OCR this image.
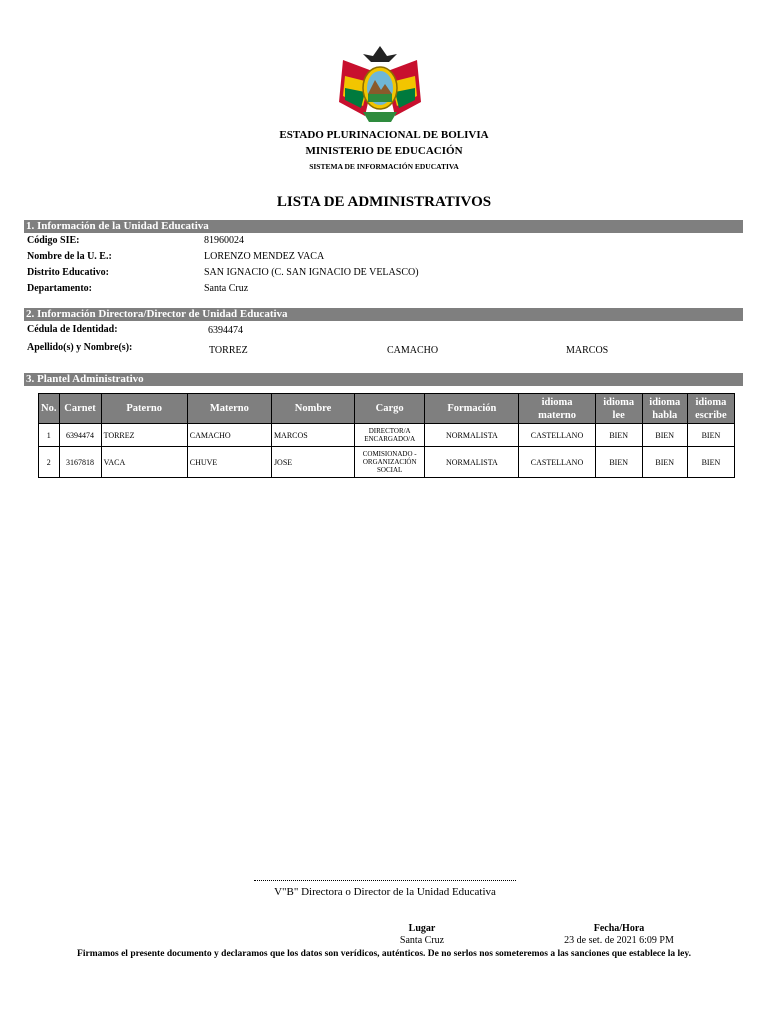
ESTADO PLURINACIONAL DE BOLIVIA
MINISTERIO DE EDUCACIÓN
SISTEMA DE INFORMACIÓN EDUCATIVA
LISTA DE ADMINISTRATIVOS
1. Información de la Unidad Educativa
Código SIE:	81960024
Nombre de la U. E.:	LORENZO MENDEZ VACA
Distrito Educativo:	SAN IGNACIO (C. SAN IGNACIO DE VELASCO)
Departamento:	Santa Cruz
2. Información Directora/Director de Unidad Educativa
Cédula de Identidad:	6394474
Apellido(s) y Nombre(s):	TORREZ	CAMACHO	MARCOS
3. Plantel Administrativo
No.	Carnet	Paterno	Materno	Nombre	Cargo	Formación	idioma materno	idioma lee	idioma habla	idioma escribe
1	6394474	TORREZ	CAMACHO	MARCOS	DIRECTOR/A ENCARGADO/A	NORMALISTA	CASTELLANO	BIEN	BIEN	BIEN
2	3167818	VACA	CHUVE	JOSE	COMISIONADO - ORGANIZACIÓN SOCIAL	NORMALISTA	CASTELLANO	BIEN	BIEN	BIEN
V"B" Directora o Director de la Unidad Educativa
Lugar
Santa Cruz
Fecha/Hora
23 de set. de 2021 6:09 PM
Firmamos el presente documento y declaramos que los datos son verídicos, auténticos. De no serlos nos someteremos a las sanciones que establece la ley.
